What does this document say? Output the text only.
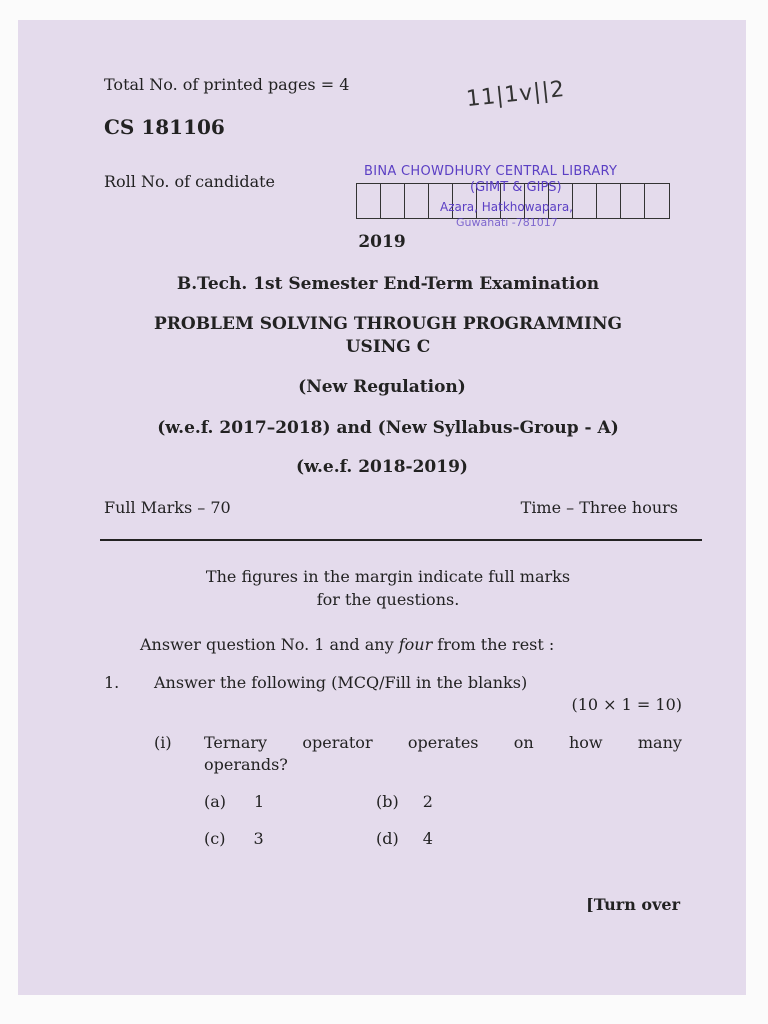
Total No. of printed pages = 4	11|1v||2
CS 181106
Roll No. of candidate
BINA CHOWDHURY CENTRAL LIBRARY
(GIMT & GIPS)
Azara, Hatkhowapara,
Guwahati -781017
2019
B.Tech. 1st Semester End-Term Examination
PROBLEM SOLVING THROUGH PROGRAMMING
USING C
(New Regulation)
(w.e.f. 2017–2018) and (New Syllabus-Group - A)
(w.e.f. 2018-2019)
Full Marks – 70	Time – Three hours
The figures in the margin indicate full marks
for the questions.
Answer question No. 1 and any four from the rest :
1. Answer the following (MCQ/Fill in the blanks)
(10 × 1 = 10)
(i) Ternary operator operates on how many
operands?
(a) 1	(b) 2
(c) 3	(d) 4
[Turn over
